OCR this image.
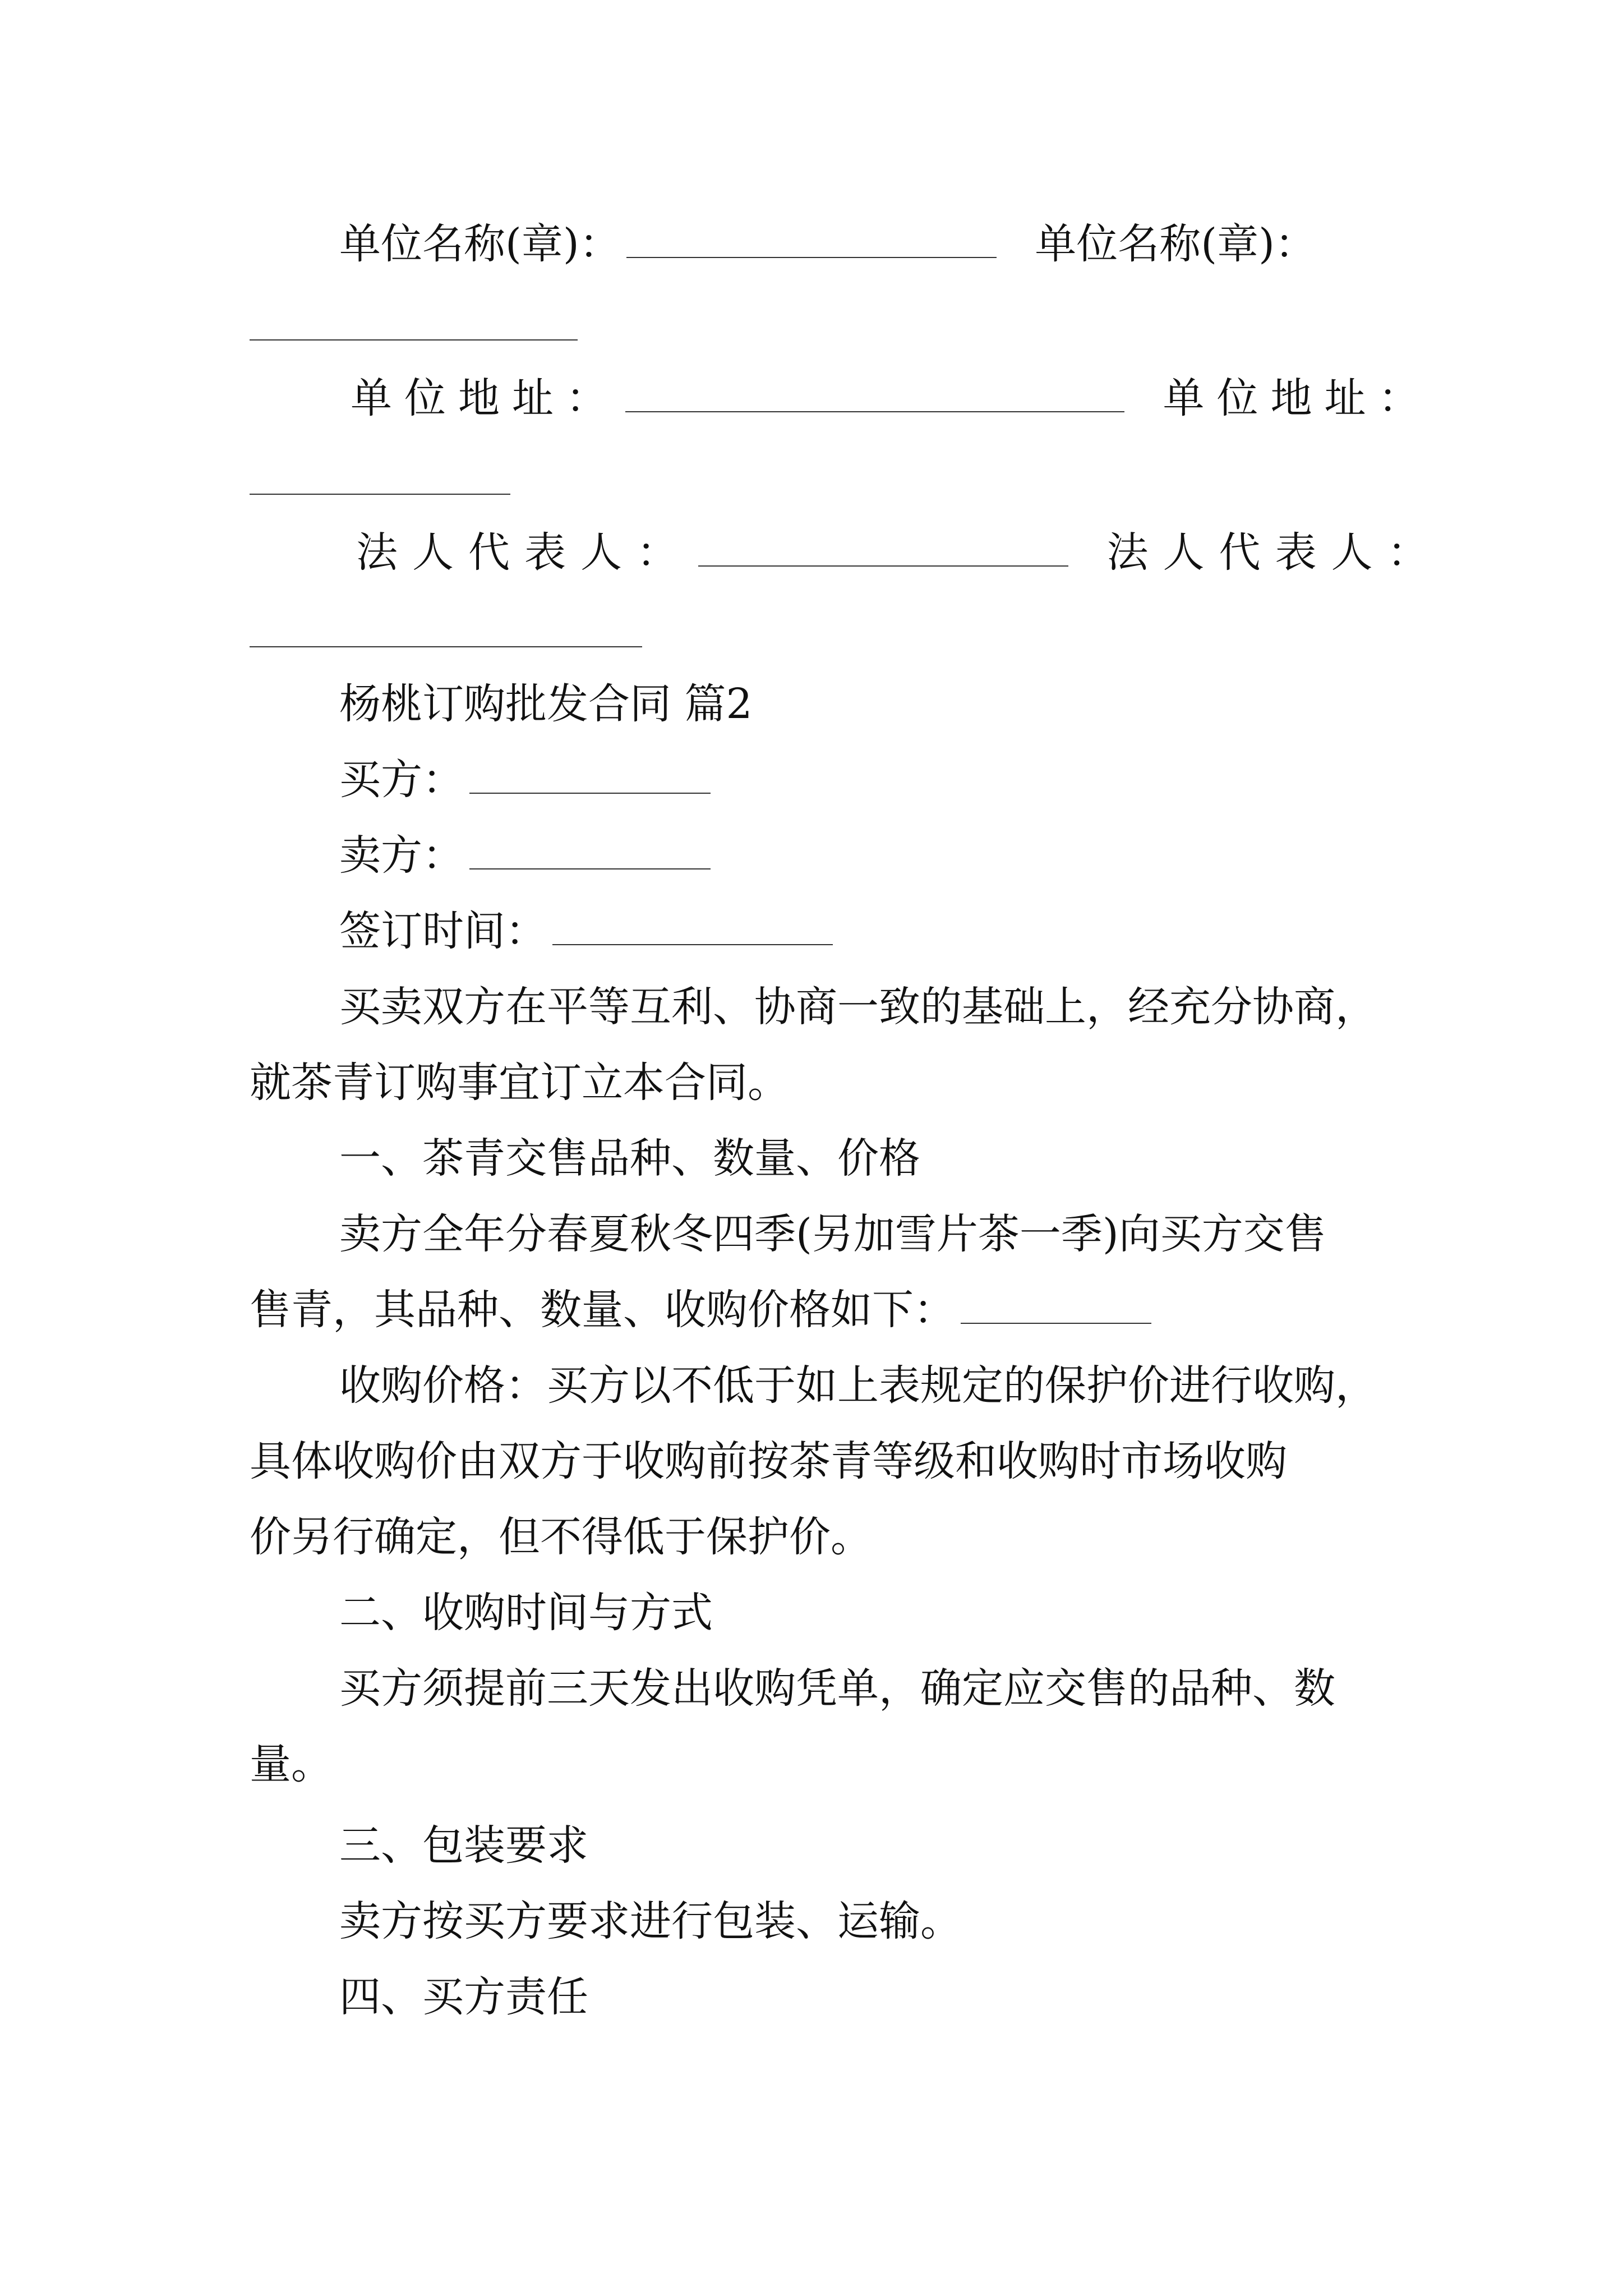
单位名称(章)：	单位名称(章)：
单位地址：	单位地址：
法人代表人：	法人代表人：
杨桃订购批发合同 篇2
买方：
卖方：
签订时间：
买卖双方在平等互利、协商一致的基础上，经充分协商，
就茶青订购事宜订立本合同。
一、茶青交售品种、数量、价格
卖方全年分春夏秋冬四季(另加雪片茶一季)向买方交售
售青，其品种、数量、收购价格如下：
收购价格：买方以不低于如上表规定的保护价进行收购，
具体收购价由双方于收购前按茶青等级和收购时市场收购
价另行确定，但不得低于保护价。
二、收购时间与方式
买方须提前三天发出收购凭单，确定应交售的品种、数
量。
三、包装要求
卖方按买方要求进行包装、运输。
四、买方责任
